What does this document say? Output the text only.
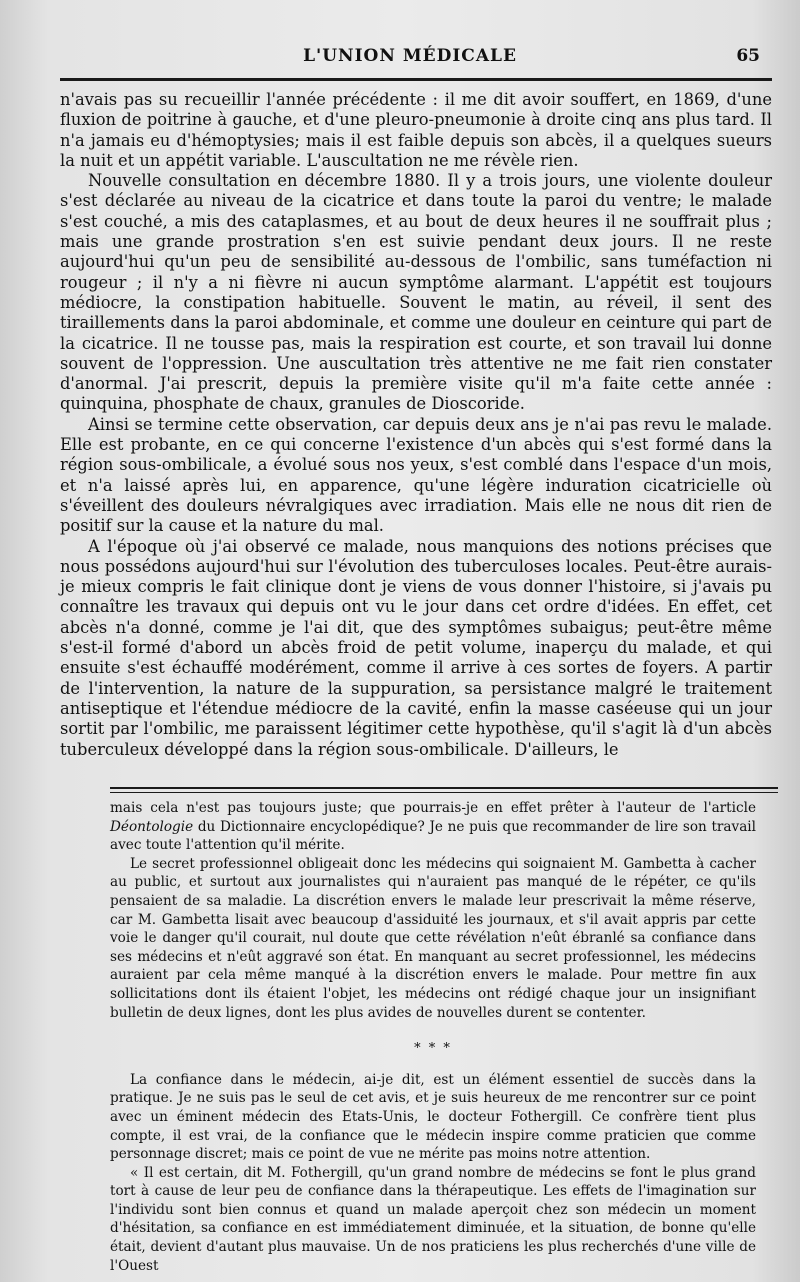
L'UNION MÉDICALE	65

n'avais pas su recueillir l'année précédente : il me dit avoir souffert, en 1869, d'une fluxion de poitrine à gauche, et d'une pleuro-pneumonie à droite cinq ans plus tard. Il n'a jamais eu d'hémoptysies; mais il est faible depuis son abcès, il a quelques sueurs la nuit et un appétit variable. L'auscultation ne me révèle rien.

Nouvelle consultation en décembre 1880. Il y a trois jours, une violente douleur s'est déclarée au niveau de la cicatrice et dans toute la paroi du ventre; le malade s'est couché, a mis des cataplasmes, et au bout de deux heures il ne souffrait plus ; mais une grande prostration s'en est suivie pendant deux jours. Il ne reste aujourd'hui qu'un peu de sensibilité au-dessous de l'ombilic, sans tuméfaction ni rougeur ; il n'y a ni fièvre ni aucun symptôme alarmant. L'appétit est toujours médiocre, la constipation habituelle. Souvent le matin, au réveil, il sent des tiraillements dans la paroi abdominale, et comme une douleur en ceinture qui part de la cicatrice. Il ne tousse pas, mais la respiration est courte, et son travail lui donne souvent de l'oppression. Une auscultation très attentive ne me fait rien constater d'anormal. J'ai prescrit, depuis la première visite qu'il m'a faite cette année : quinquina, phosphate de chaux, granules de Dioscoride.

Ainsi se termine cette observation, car depuis deux ans je n'ai pas revu le malade. Elle est probante, en ce qui concerne l'existence d'un abcès qui s'est formé dans la région sous-ombilicale, a évolué sous nos yeux, s'est comblé dans l'espace d'un mois, et n'a laissé après lui, en apparence, qu'une légère induration cicatricielle où s'éveillent des douleurs névralgiques avec irradiation. Mais elle ne nous dit rien de positif sur la cause et la nature du mal.

A l'époque où j'ai observé ce malade, nous manquions des notions précises que nous possédons aujourd'hui sur l'évolution des tuberculoses locales. Peut-être aurais-je mieux compris le fait clinique dont je viens de vous donner l'histoire, si j'avais pu connaître les travaux qui depuis ont vu le jour dans cet ordre d'idées. En effet, cet abcès n'a donné, comme je l'ai dit, que des symptômes subaigus; peut-être même s'est-il formé d'abord un abcès froid de petit volume, inaperçu du malade, et qui ensuite s'est échauffé modérément, comme il arrive à ces sortes de foyers. A partir de l'intervention, la nature de la suppuration, sa persistance malgré le traitement antiseptique et l'étendue médiocre de la cavité, enfin la masse caséeuse qui un jour sortit par l'ombilic, me paraissent légitimer cette hypothèse, qu'il s'agit là d'un abcès tuberculeux développé dans la région sous-ombilicale. D'ailleurs, le

mais cela n'est pas toujours juste; que pourrais-je en effet prêter à l'auteur de l'article Déontologie du Dictionnaire encyclopédique? Je ne puis que recommander de lire son travail avec toute l'attention qu'il mérite.

Le secret professionnel obligeait donc les médecins qui soignaient M. Gambetta à cacher au public, et surtout aux journalistes qui n'auraient pas manqué de le répéter, ce qu'ils pensaient de sa maladie. La discrétion envers le malade leur prescrivait la même réserve, car M. Gambetta lisait avec beaucoup d'assiduité les journaux, et s'il avait appris par cette voie le danger qu'il courait, nul doute que cette révélation n'eût ébranlé sa confiance dans ses médecins et n'eût aggravé son état. En manquant au secret professionnel, les médecins auraient par cela même manqué à la discrétion envers le malade. Pour mettre fin aux sollicitations dont ils étaient l'objet, les médecins ont rédigé chaque jour un insignifiant bulletin de deux lignes, dont les plus avides de nouvelles durent se contenter.

* * *

La confiance dans le médecin, ai-je dit, est un élément essentiel de succès dans la pratique. Je ne suis pas le seul de cet avis, et je suis heureux de me rencontrer sur ce point avec un éminent médecin des Etats-Unis, le docteur Fothergill. Ce confrère tient plus compte, il est vrai, de la confiance que le médecin inspire comme praticien que comme personnage discret; mais ce point de vue ne mérite pas moins notre attention.

« Il est certain, dit M. Fothergill, qu'un grand nombre de médecins se font le plus grand tort à cause de leur peu de confiance dans la thérapeutique. Les effets de l'imagination sur l'individu sont bien connus et quand un malade aperçoit chez son médecin un moment d'hésitation, sa confiance en est immédiatement diminuée, et la situation, de bonne qu'elle était, devient d'autant plus mauvaise. Un de nos praticiens les plus recherchés d'une ville de l'Ouest
